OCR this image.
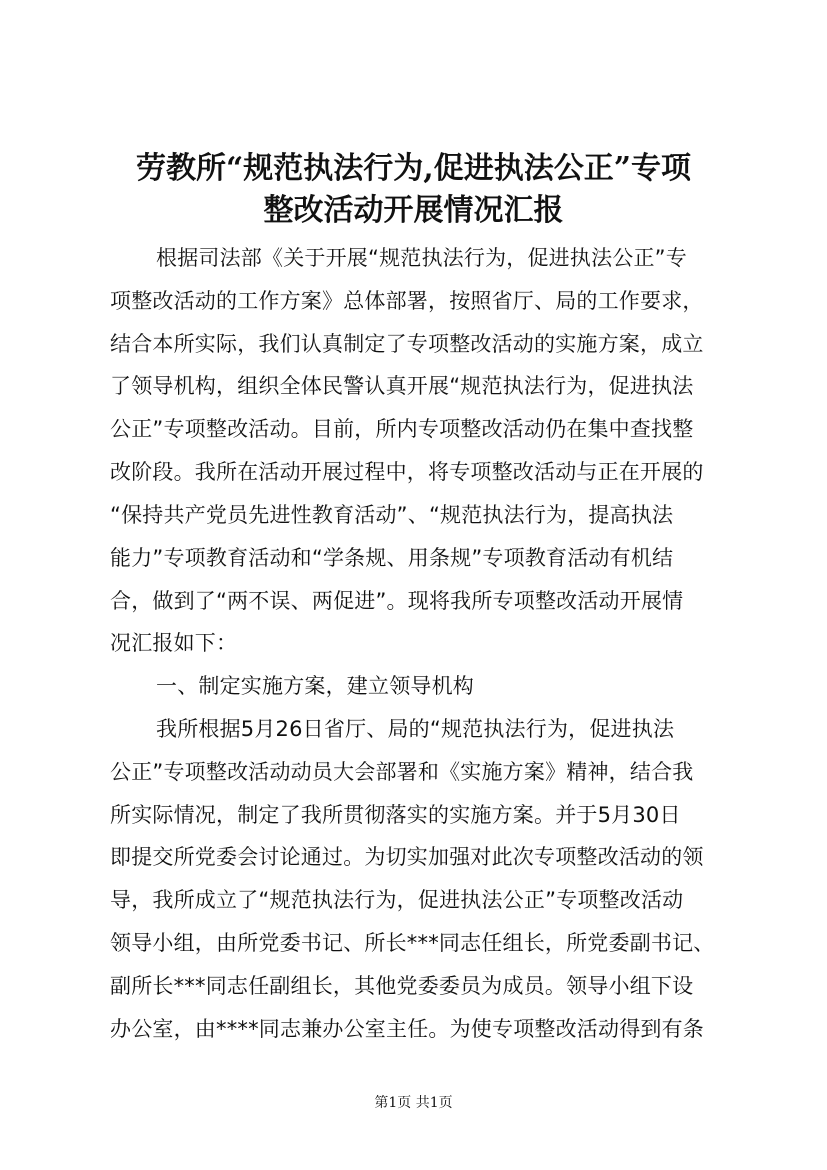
劳教所“规范执法行为,促进执法公正”专项
整改活动开展情况汇报
根据司法部《关于开展“规范执法行为，促进执法公正”专
项整改活动的工作方案》总体部署，按照省厅、局的工作要求，
结合本所实际，我们认真制定了专项整改活动的实施方案，成立
了领导机构，组织全体民警认真开展“规范执法行为，促进执法
公正”专项整改活动。目前，所内专项整改活动仍在集中查找整
改阶段。我所在活动开展过程中，将专项整改活动与正在开展的
“保持共产党员先进性教育活动”、“规范执法行为，提高执法
能力”专项教育活动和“学条规、用条规”专项教育活动有机结
合，做到了“两不误、两促进”。现将我所专项整改活动开展情
况汇报如下：
一、制定实施方案，建立领导机构
我所根据5月26日省厅、局的“规范执法行为，促进执法
公正”专项整改活动动员大会部署和《实施方案》精神，结合我
所实际情况，制定了我所贯彻落实的实施方案。并于5月30日
即提交所党委会讨论通过。为切实加强对此次专项整改活动的领
导，我所成立了“规范执法行为，促进执法公正”专项整改活动
领导小组，由所党委书记、所长***同志任组长，所党委副书记、
副所长***同志任副组长，其他党委委员为成员。领导小组下设
办公室，由****同志兼办公室主任。为使专项整改活动得到有条
第1页 共1页
